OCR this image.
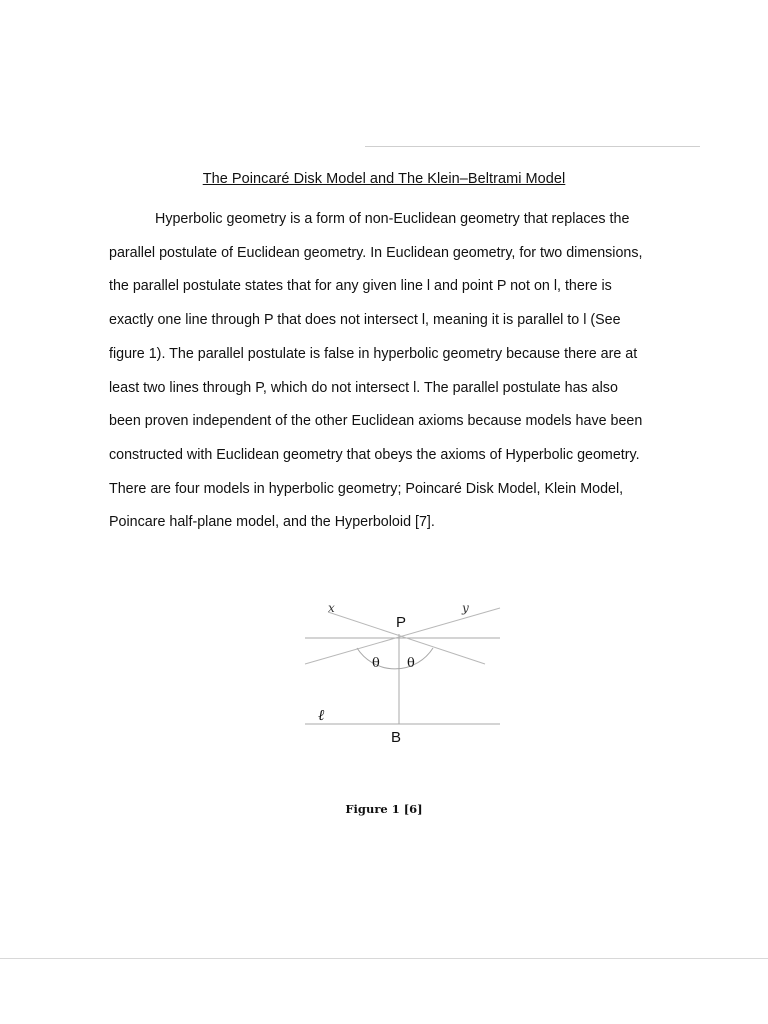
The Poincaré Disk Model and The Klein–Beltrami Model

Hyperbolic geometry is a form of non-Euclidean geometry that replaces the parallel postulate of Euclidean geometry. In Euclidean geometry, for two dimensions, the parallel postulate states that for any given line l and point P not on l, there is exactly one line through P that does not intersect l, meaning it is parallel to l (See figure 1). The parallel postulate is false in hyperbolic geometry because there are at least two lines through P, which do not intersect l. The parallel postulate has also been proven independent of the other Euclidean axioms because models have been constructed with Euclidean geometry that obeys the axioms of Hyperbolic geometry. There are four models in hyperbolic geometry; Poincaré Disk Model, Klein Model, Poincare half-plane model, and the Hyperboloid [7].

x	y
P
θ θ
ℓ
B
Figure 1 [6]
